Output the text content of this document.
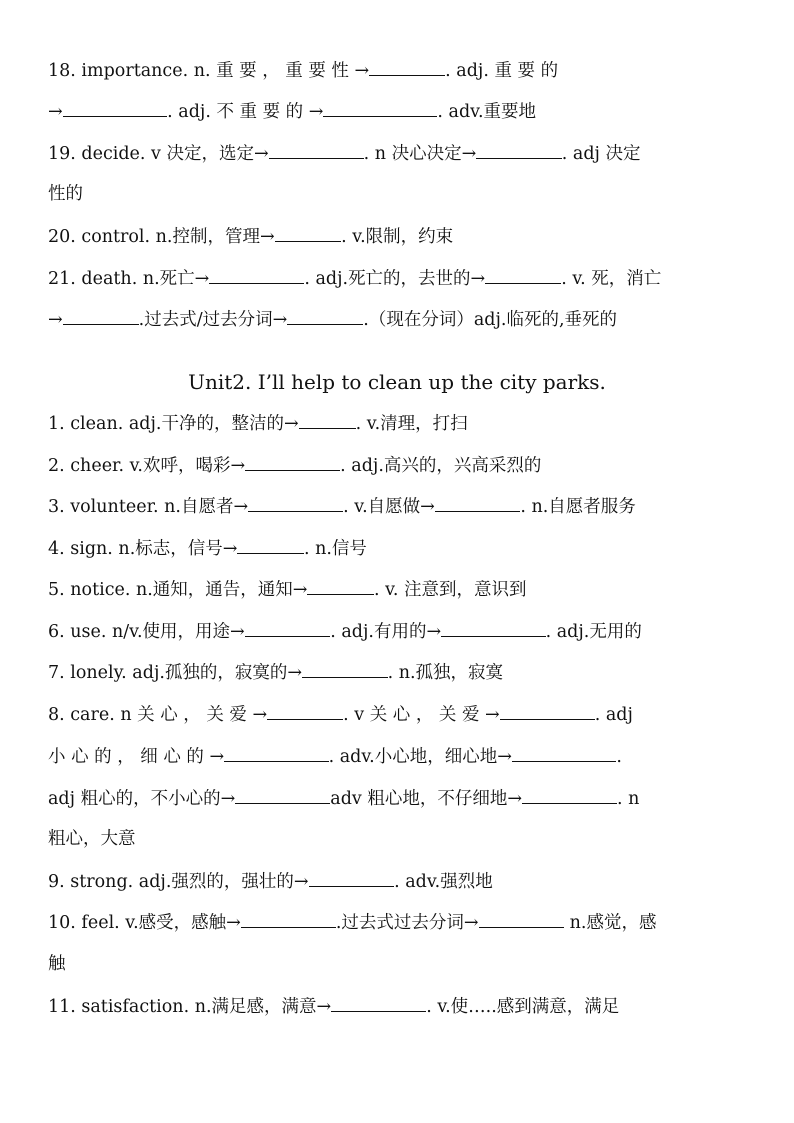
18. importance. n. 重 要 ， 重 要 性 →	. adj. 重 要 的
→	. adj. 不 重 要 的 →	. adv.重要地
19. decide. v 决定，选定→	. n 决心决定→	. adj 决定
性的
20. control. n.控制，管理→	. v.限制，约束
21. death. n.死亡→	. adj.死亡的，去世的→	. v. 死，消亡
→	.过去式/过去分词→	.（现在分词）adj.临死的,垂死的
Unit2. I’ll help to clean up the city parks.
1. clean. adj.干净的，整洁的→	. v.清理，打扫
2. cheer. v.欢呼，喝彩→	. adj.高兴的，兴高采烈的
3. volunteer. n.自愿者→	. v.自愿做→	. n.自愿者服务
4. sign. n.标志，信号→	. n.信号
5. notice. n.通知，通告，通知→	. v. 注意到，意识到
6. use. n/v.使用，用途→	. adj.有用的→	. adj.无用的
7. lonely. adj.孤独的，寂寞的→	. n.孤独，寂寞
8. care. n 关 心 ， 关 爱 →	. v 关 心 ， 关 爱 →	. adj
小 心 的 ， 细 心 的 →	. adv.小心地，细心地→	.
adj 粗心的，不小心的→	adv 粗心地，不仔细地→	. n
粗心，大意
9. strong. adj.强烈的，强壮的→	. adv.强烈地
10. feel. v.感受，感触→	.过去式过去分词→	n.感觉，感
触
11. satisfaction. n.满足感，满意→	. v.使…..感到满意，满足
